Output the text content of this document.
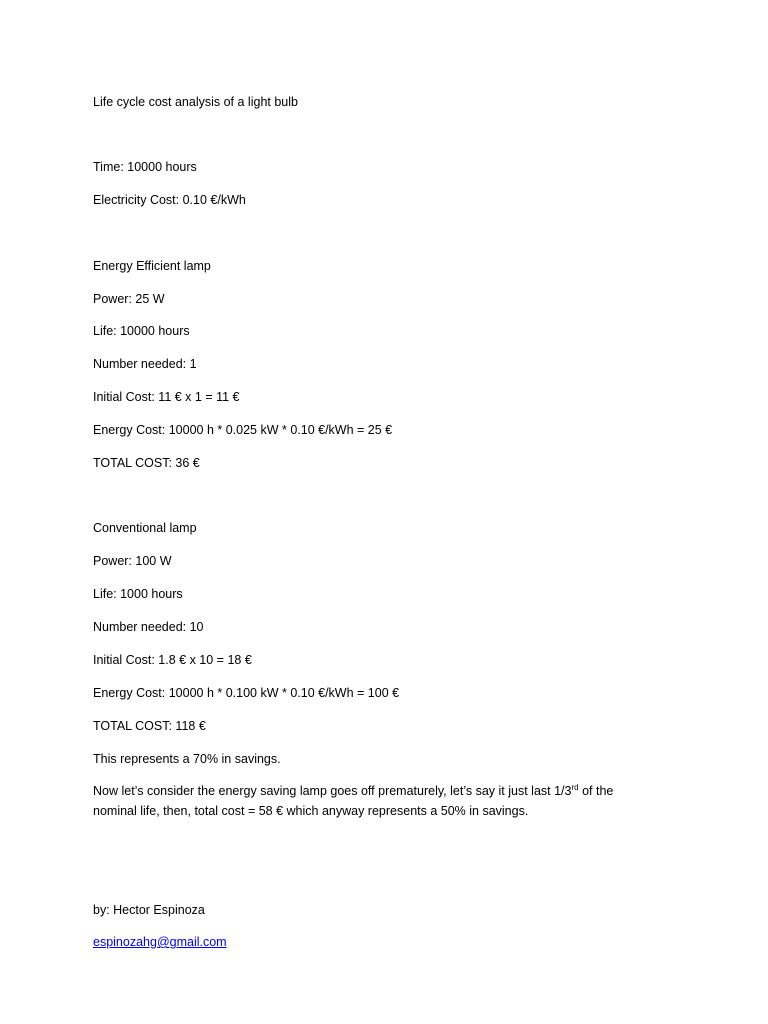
Life cycle cost analysis of a light bulb
Time: 10000 hours
Electricity Cost: 0.10 €/kWh
Energy Efficient lamp
Power: 25 W
Life: 10000 hours
Number needed: 1
Initial Cost: 11 € x 1 = 11 €
Energy Cost: 10000 h * 0.025 kW * 0.10 €/kWh = 25 €
TOTAL COST: 36 €
Conventional lamp
Power: 100 W
Life: 1000 hours
Number needed: 10
Initial Cost: 1.8 € x 10 = 18 €
Energy Cost: 10000 h * 0.100 kW * 0.10 €/kWh = 100 €
TOTAL COST: 118 €
This represents a 70% in savings.
Now let’s consider the energy saving lamp goes off prematurely, let’s say it just last 1/3rd of the nominal life, then, total cost = 58 € which anyway represents a 50% in savings.
by: Hector Espinoza
espinozahg@gmail.com
